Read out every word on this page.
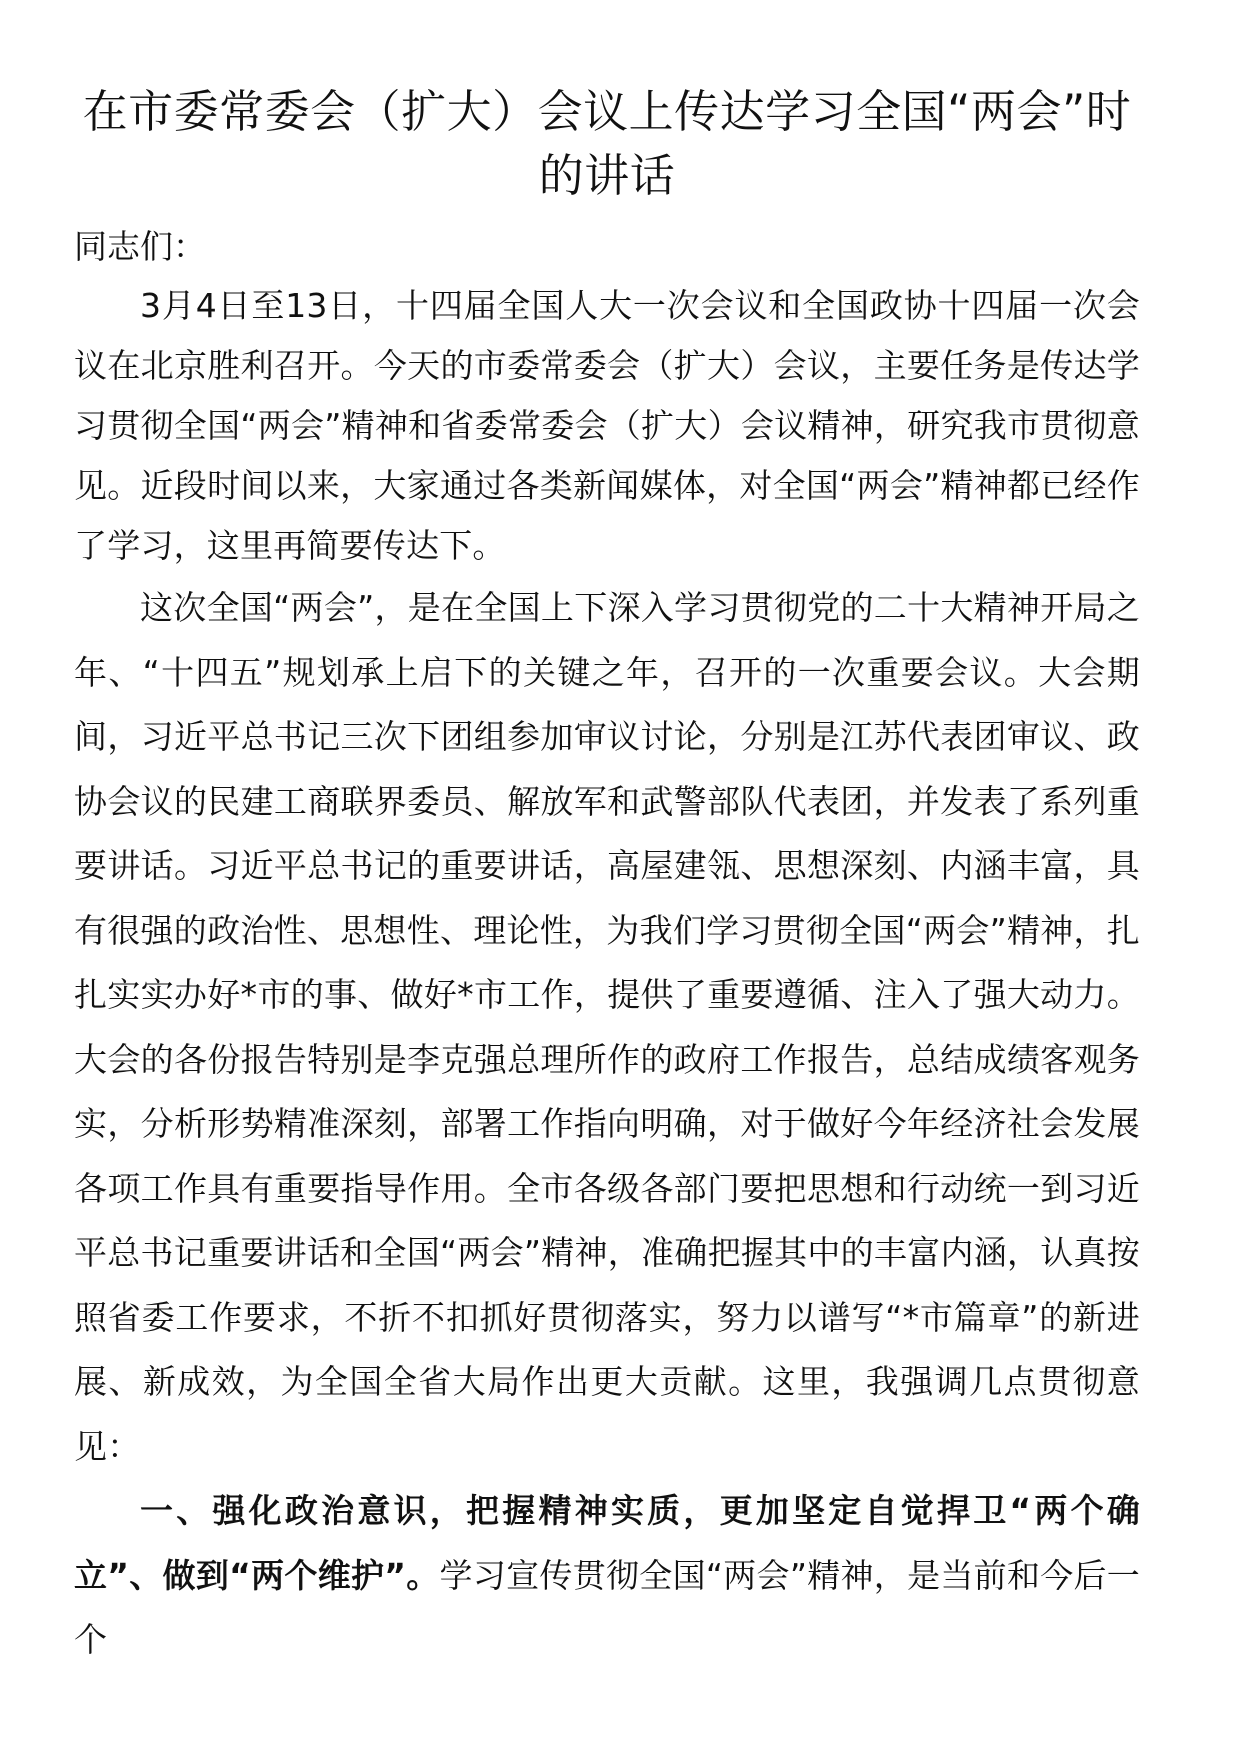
在市委常委会（扩大）会议上传达学习全国“两会”时的讲话

同志们：

3月4日至13日，十四届全国人大一次会议和全国政协十四届一次会议在北京胜利召开。今天的市委常委会（扩大）会议，主要任务是传达学习贯彻全国“两会”精神和省委常委会（扩大）会议精神，研究我市贯彻意见。近段时间以来，大家通过各类新闻媒体，对全国“两会”精神都已经作了学习，这里再简要传达下。

这次全国“两会”，是在全国上下深入学习贯彻党的二十大精神开局之年、“十四五”规划承上启下的关键之年，召开的一次重要会议。大会期间，习近平总书记三次下团组参加审议讨论，分别是江苏代表团审议、政协会议的民建工商联界委员、解放军和武警部队代表团，并发表了系列重要讲话。习近平总书记的重要讲话，高屋建瓴、思想深刻、内涵丰富，具有很强的政治性、思想性、理论性，为我们学习贯彻全国“两会”精神，扎扎实实办好*市的事、做好*市工作，提供了重要遵循、注入了强大动力。大会的各份报告特别是李克强总理所作的政府工作报告，总结成绩客观务实，分析形势精准深刻，部署工作指向明确，对于做好今年经济社会发展各项工作具有重要指导作用。全市各级各部门要把思想和行动统一到习近平总书记重要讲话和全国“两会”精神，准确把握其中的丰富内涵，认真按照省委工作要求，不折不扣抓好贯彻落实，努力以谱写“*市篇章”的新进展、新成效，为全国全省大局作出更大贡献。这里，我强调几点贯彻意见：

一、强化政治意识，把握精神实质，更加坚定自觉捍卫“两个确立”、做到“两个维护”。学习宣传贯彻全国“两会”精神，是当前和今后一个
